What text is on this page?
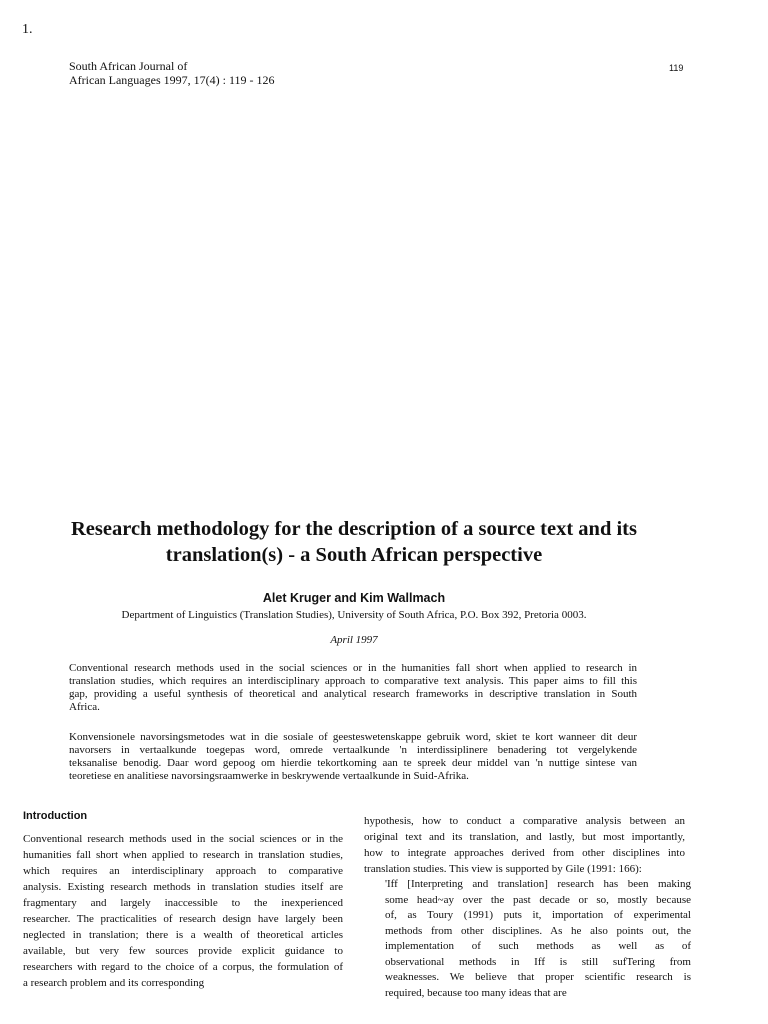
1.
South African Journal of
African Languages 1997, 17(4) : 119 - 126
119
Research methodology for the description of a source text and its
translation(s) - a South African perspective
Alet Kruger and Kim Wallmach
Department of Linguistics (Translation Studies), University of South Africa, P.O. Box 392, Pretoria 0003.
April 1997
Conventional research methods used in the social sciences or in the humanities fall short when applied to research in
translation studies, which requires an interdisciplinary approach to comparative text analysis. This paper aims to fill this
gap, providing a useful synthesis of theoretical and analytical research frameworks in descriptive translation in South
Africa.
Konvensionele navorsingsmetodes wat in die sosiale of geesteswetenskappe gebruik word, skiet te kort wanneer dit deur
navorsers in vertaalkunde toegepas word, omrede vertaalkunde 'n interdissiplinere benadering tot vergelykende
teksanalise benodig. Daar word gepoog om hierdie tekortkoming aan te spreek deur middel van 'n nuttige sintese van
teoretiese en analitiese navorsingsraamwerke in beskrywende vertaalkunde in Suid-Afrika.
Introduction
Conventional research methods used in the social sciences or in the
humanities fall short when applied to research in translation studies,
which requires an interdisciplinary approach to comparative
analysis. Existing research methods in translation studies itself are
fragmentary and largely inaccessible to the inexperienced
researcher. The practicalities of research design have largely been
neglected in translation; there is a wealth of theoretical articles
available, but very few sources provide explicit guidance to
researchers with regard to the choice of a corpus, the formulation of
a research problem and its corresponding
hypothesis, how to conduct a comparative analysis between an
original text and its translation, and lastly, but most importantly,
how to integrate approaches derived from other disciplines into
translation studies. This view is supported by Gile (1991: 166):
'Iff [Interpreting and translation] research has been making
some head~ay over the past decade or so, mostly because
of, as Toury (1991) puts it, importation of experimental
methods from other disciplines. As he also points out, the
implementation of such methods as well as of
observational methods in Iff is still sufTering from
weaknesses. We believe that proper scientific research is
required, because too many ideas that are
